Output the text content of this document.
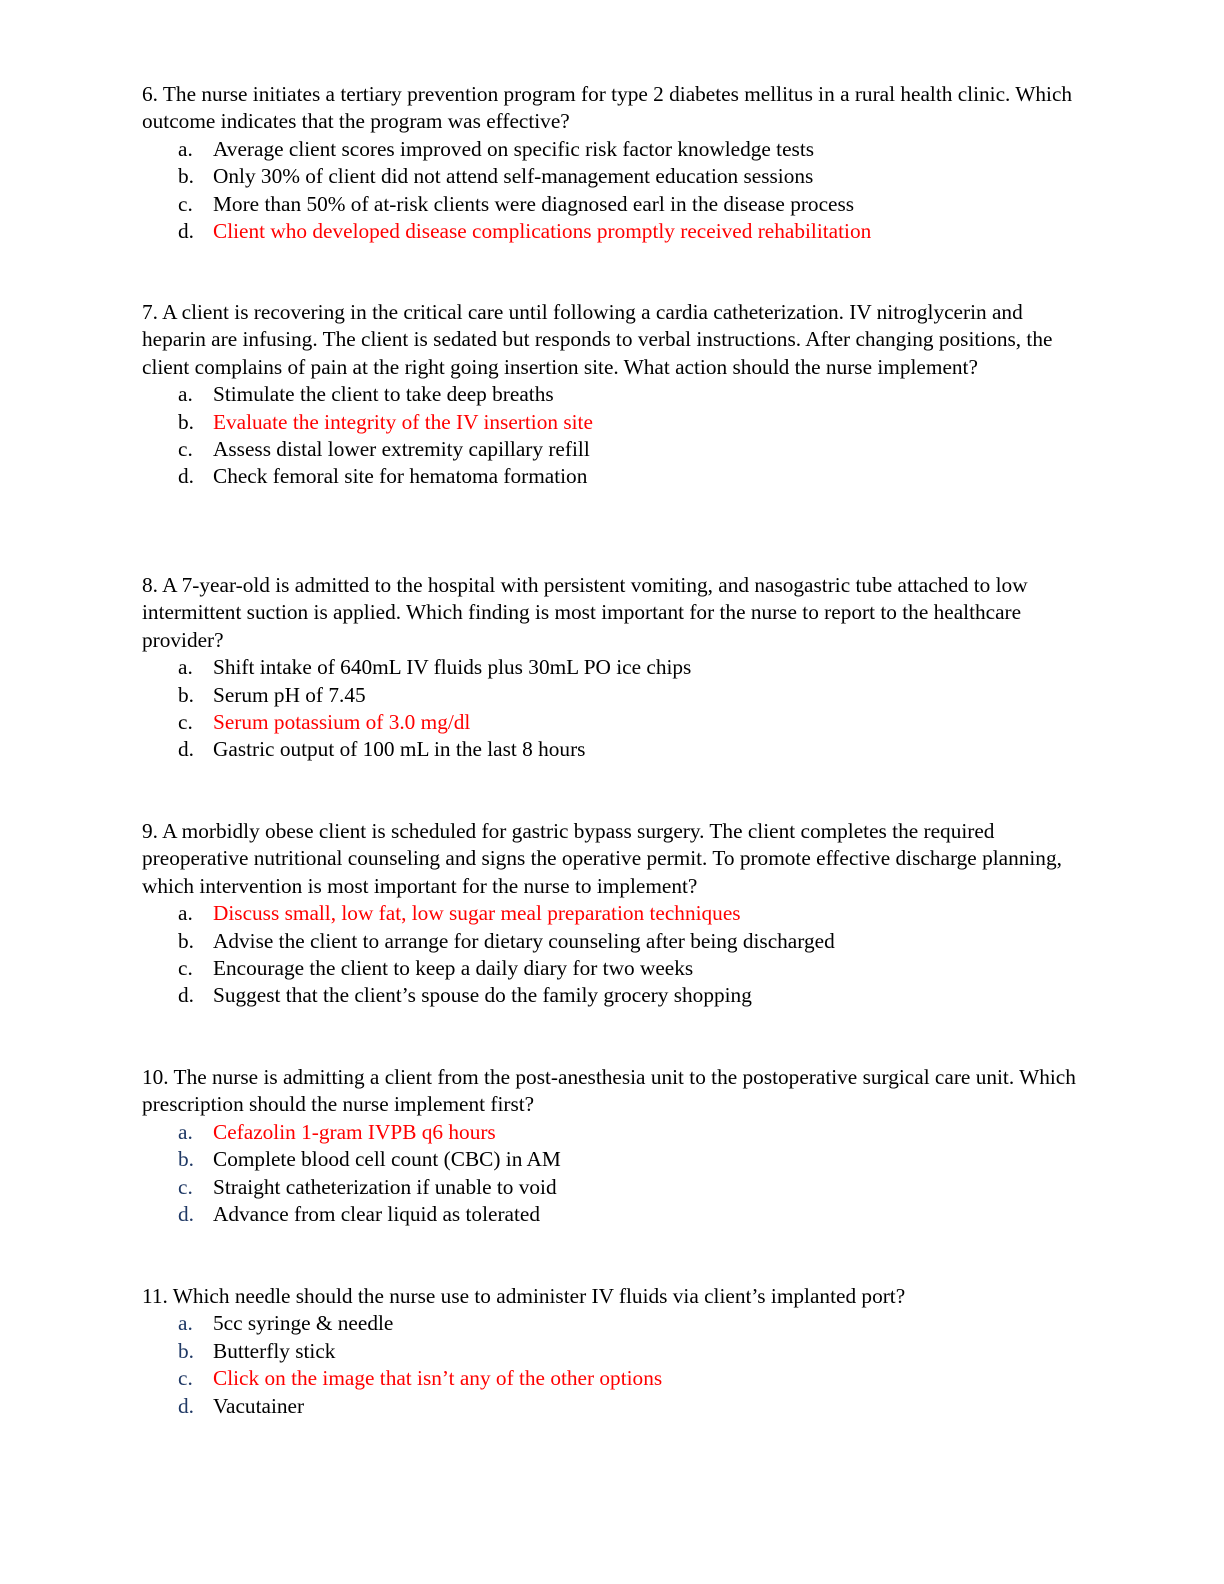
6. The nurse initiates a tertiary prevention program for type 2 diabetes mellitus in a rural health clinic. Which outcome indicates that the program was effective?

a. Average client scores improved on specific risk factor knowledge tests
b. Only 30% of client did not attend self-management education sessions
c. More than 50% of at-risk clients were diagnosed earl in the disease process
d. Client who developed disease complications promptly received rehabilitation

7. A client is recovering in the critical care until following a cardia catheterization. IV nitroglycerin and heparin are infusing. The client is sedated but responds to verbal instructions. After changing positions, the client complains of pain at the right going insertion site. What action should the nurse implement?

a. Stimulate the client to take deep breaths
b. Evaluate the integrity of the IV insertion site
c. Assess distal lower extremity capillary refill
d. Check femoral site for hematoma formation

8. A 7-year-old is admitted to the hospital with persistent vomiting, and nasogastric tube attached to low intermittent suction is applied. Which finding is most important for the nurse to report to the healthcare provider?

a. Shift intake of 640mL IV fluids plus 30mL PO ice chips
b. Serum pH of 7.45
c. Serum potassium of 3.0 mg/dl
d. Gastric output of 100 mL in the last 8 hours

9. A morbidly obese client is scheduled for gastric bypass surgery. The client completes the required preoperative nutritional counseling and signs the operative permit. To promote effective discharge planning, which intervention is most important for the nurse to implement?

a. Discuss small, low fat, low sugar meal preparation techniques
b. Advise the client to arrange for dietary counseling after being discharged
c. Encourage the client to keep a daily diary for two weeks
d. Suggest that the client’s spouse do the family grocery shopping

10. The nurse is admitting a client from the post-anesthesia unit to the postoperative surgical care unit. Which prescription should the nurse implement first?

a. Cefazolin 1-gram IVPB q6 hours
b. Complete blood cell count (CBC) in AM
c. Straight catheterization if unable to void
d. Advance from clear liquid as tolerated

11. Which needle should the nurse use to administer IV fluids via client’s implanted port?

a. 5cc syringe & needle
b. Butterfly stick
c. Click on the image that isn’t any of the other options
d. Vacutainer
